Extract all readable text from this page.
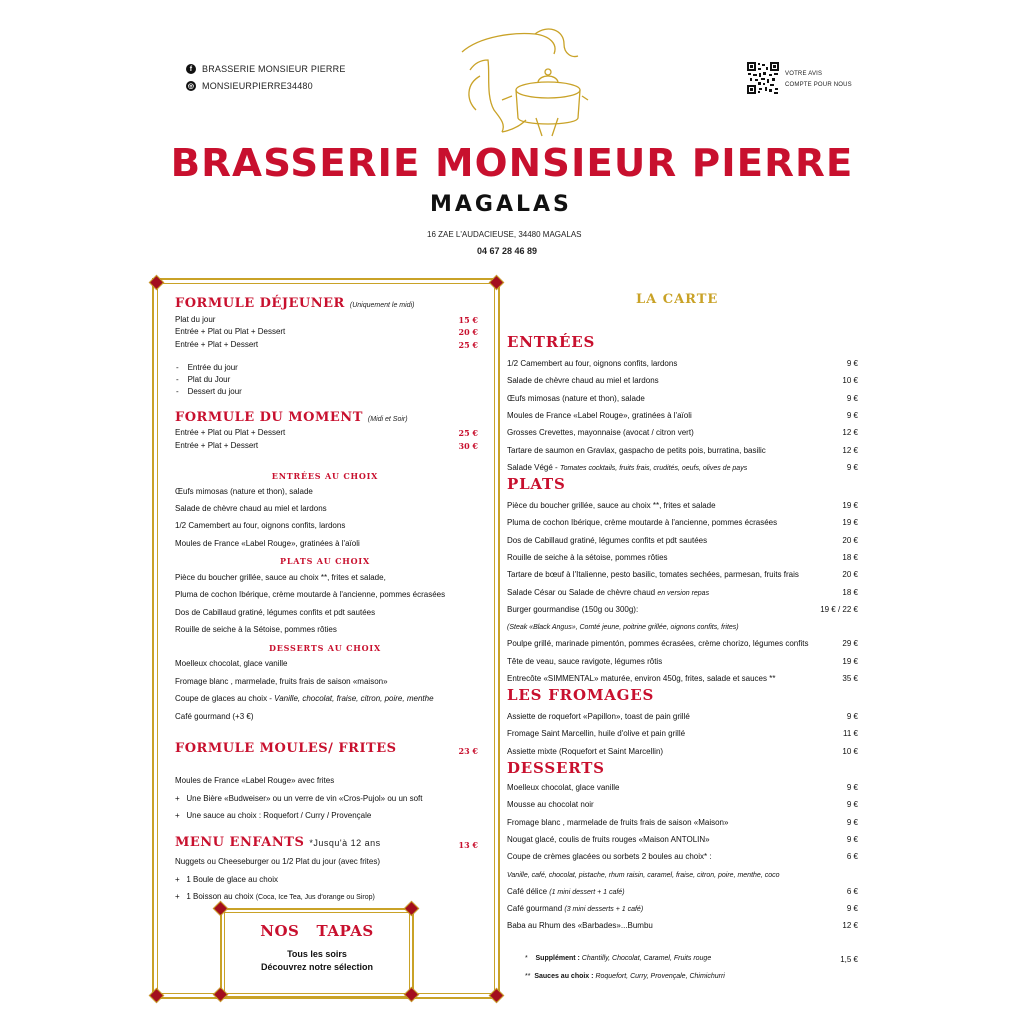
f	BRASSERIE MONSIEUR PIERRE
◎ MONSIEURPIERRE34480
VOTRE AVIS
COMPTE POUR NOUS
BRASSERIE MONSIEUR PIERRE
MAGALAS
16 ZAE L'AUDACIEUSE, 34480 MAGALAS
04 67 28 46 89
FORMULE DÉJEUNER (Uniquement le midi)
Plat du jour	15 €
Entrée + Plat ou Plat + Dessert	20 €
Entrée + Plat + Dessert	25 €
-    Entrée du jour
-    Plat du Jour
-    Dessert du jour
FORMULE DU MOMENT (Midi et Soir)
Entrée + Plat ou Plat + Dessert	25 €
Entrée + Plat + Dessert	30 €
ENTRÉES AU CHOIX
Œufs mimosas (nature et thon), salade
Salade de chèvre chaud au miel et lardons
1/2 Camembert au four, oignons confits, lardons
Moules de France «Label Rouge», gratinées à l'aïoli
PLATS AU CHOIX
Pièce du boucher grillée, sauce au choix **, frites et salade,
Pluma de cochon Ibérique, crème moutarde à l'ancienne, pommes écrasées
Dos de Cabillaud gratiné, légumes confits et pdt sautées
Rouille de seiche à la Sétoise, pommes rôties
DESSERTS AU CHOIX
Moelleux chocolat, glace vanille
Fromage blanc , marmelade, fruits frais de saison «maison»
Coupe de glaces au choix - Vanille, chocolat, fraise, citron, poire, menthe
Café gourmand (+3 €)
FORMULE MOULES/ FRITES	23 €
Moules de France «Label Rouge» avec frites
+   Une Bière «Budweiser» ou un verre de vin «Cros-Pujol» ou un soft
+   Une sauce au choix : Roquefort / Curry / Provençale
MENU ENFANTS *Jusqu'à 12 ans	13 €
Nuggets ou Cheeseburger ou 1/2 Plat du jour (avec frites)
+   1 Boule de glace au choix
+   1 Boisson au choix (Coca, Ice Tea, Jus d'orange ou Sirop)
NOS   TAPAS
Tous les soirs
Découvrez notre sélection
LA CARTE
ENTRÉES
1/2 Camembert au four, oignons confits, lardons	9 €
Salade de chèvre chaud au miel et lardons	10 €
Œufs mimosas (nature et thon), salade	9 €
Moules de France «Label Rouge», gratinées à l'aïoli	9 €
Grosses Crevettes, mayonnaise (avocat / citron vert)	12 €
Tartare de saumon en Gravlax, gaspacho de petits pois, burratina, basilic	12 €
Salade Végé - Tomates cocktails, fruits frais, crudités, oeufs, olives de pays	9 €
PLATS
Pièce du boucher grillée, sauce au choix **, frites et salade	19 €
Pluma de cochon Ibérique, crème moutarde à l'ancienne, pommes écrasées	19 €
Dos de Cabillaud gratiné, légumes confits et pdt sautées	20 €
Rouille de seiche à la sétoise, pommes rôties	18 €
Tartare de bœuf à l'Italienne, pesto basilic, tomates sechées, parmesan, fruits frais	20 €
Salade César ou Salade de chèvre chaud en version repas	18 €
Burger gourmandise (150g ou 300g):	19 € / 22 €
(Steak «Black Angus», Comté jeune, poitrine grillée, oignons confits, frites)
Poulpe grillé, marinade pimentón, pommes écrasées, crème chorizo, légumes confits	29 €
Tête de veau, sauce ravigote, légumes rôtis	19 €
Entrecôte «SIMMENTAL» maturée, environ 450g, frites, salade et sauces **	35 €
LES FROMAGES
Assiette de roquefort «Papillon», toast de pain grillé	9 €
Fromage Saint Marcellin, huile d'olive et pain grillé	11 €
Assiette mixte (Roquefort et Saint Marcellin)	10 €
DESSERTS
Moelleux chocolat, glace vanille	9 €
Mousse au chocolat noir	9 €
Fromage blanc , marmelade de fruits frais de saison «Maison»	9 €
Nougat glacé, coulis de fruits rouges «Maison ANTOLIN»	9 €
Coupe de crèmes glacées ou sorbets 2 boules au choix* :	6 €
Vanille, café, chocolat, pistache, rhum raisin, caramel, fraise, citron, poire, menthe, coco
Café délice (1 mini dessert + 1 café)	6 €
Café gourmand (3 mini desserts + 1 café)	9 €
Baba au Rhum des «Barbades»...Bumbu	12 €
* Supplément : Chantilly, Chocolat, Caramel, Fruits rouge	1,5 €
** Sauces au choix : Roquefort, Curry, Provençale, Chimichurri
